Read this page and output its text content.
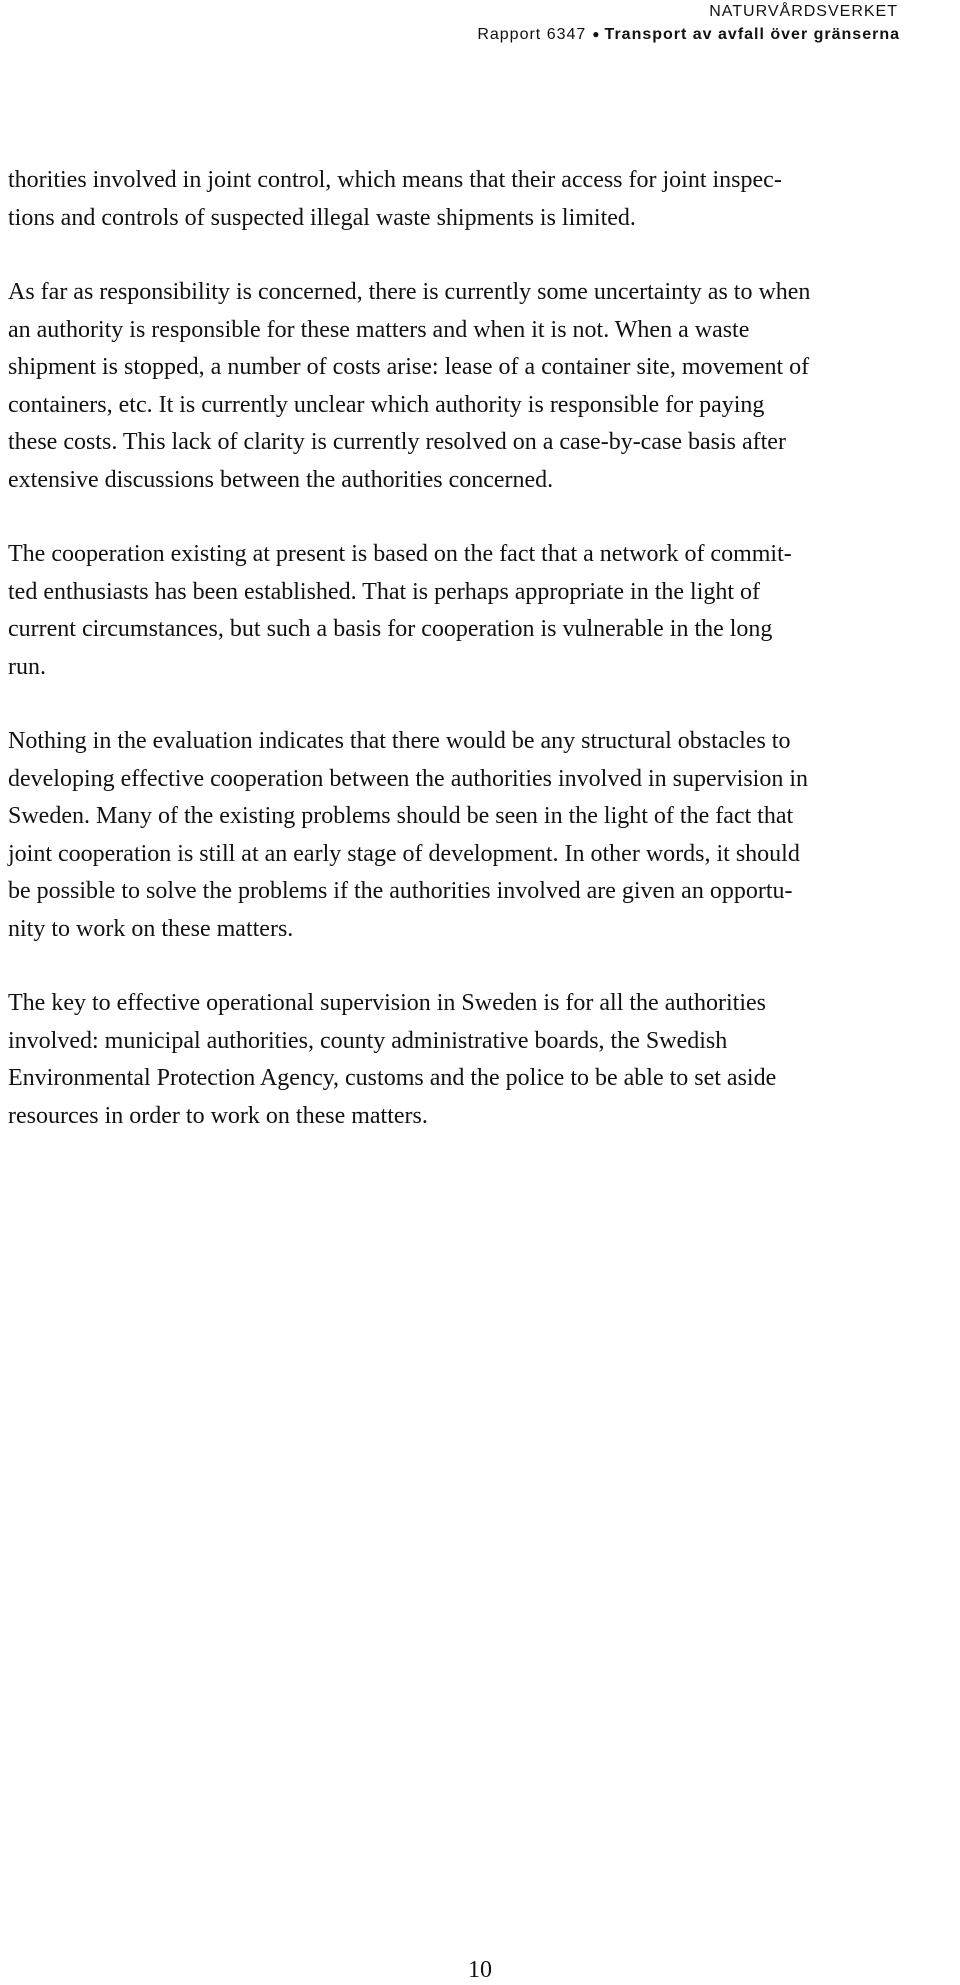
NATURVÅRDSVERKET
Rapport 6347 ● Transport av avfall över gränserna

thorities involved in joint control, which means that their access for joint inspec-
tions and controls of suspected illegal waste shipments is limited.

As far as responsibility is concerned, there is currently some uncertainty as to when
an authority is responsible for these matters and when it is not. When a waste
shipment is stopped, a number of costs arise: lease of a container site, movement of
containers, etc. It is currently unclear which authority is responsible for paying
these costs. This lack of clarity is currently resolved on a case-by-case basis after
extensive discussions between the authorities concerned.

The cooperation existing at present is based on the fact that a network of commit-
ted enthusiasts has been established. That is perhaps appropriate in the light of
current circumstances, but such a basis for cooperation is vulnerable in the long
run.

Nothing in the evaluation indicates that there would be any structural obstacles to
developing effective cooperation between the authorities involved in supervision in
Sweden. Many of the existing problems should be seen in the light of the fact that
joint cooperation is still at an early stage of development. In other words, it should
be possible to solve the problems if the authorities involved are given an opportu-
nity to work on these matters.

The key to effective operational supervision in Sweden is for all the authorities
involved: municipal authorities, county administrative boards, the Swedish
Environmental Protection Agency, customs and the police to be able to set aside
resources in order to work on these matters.

10
